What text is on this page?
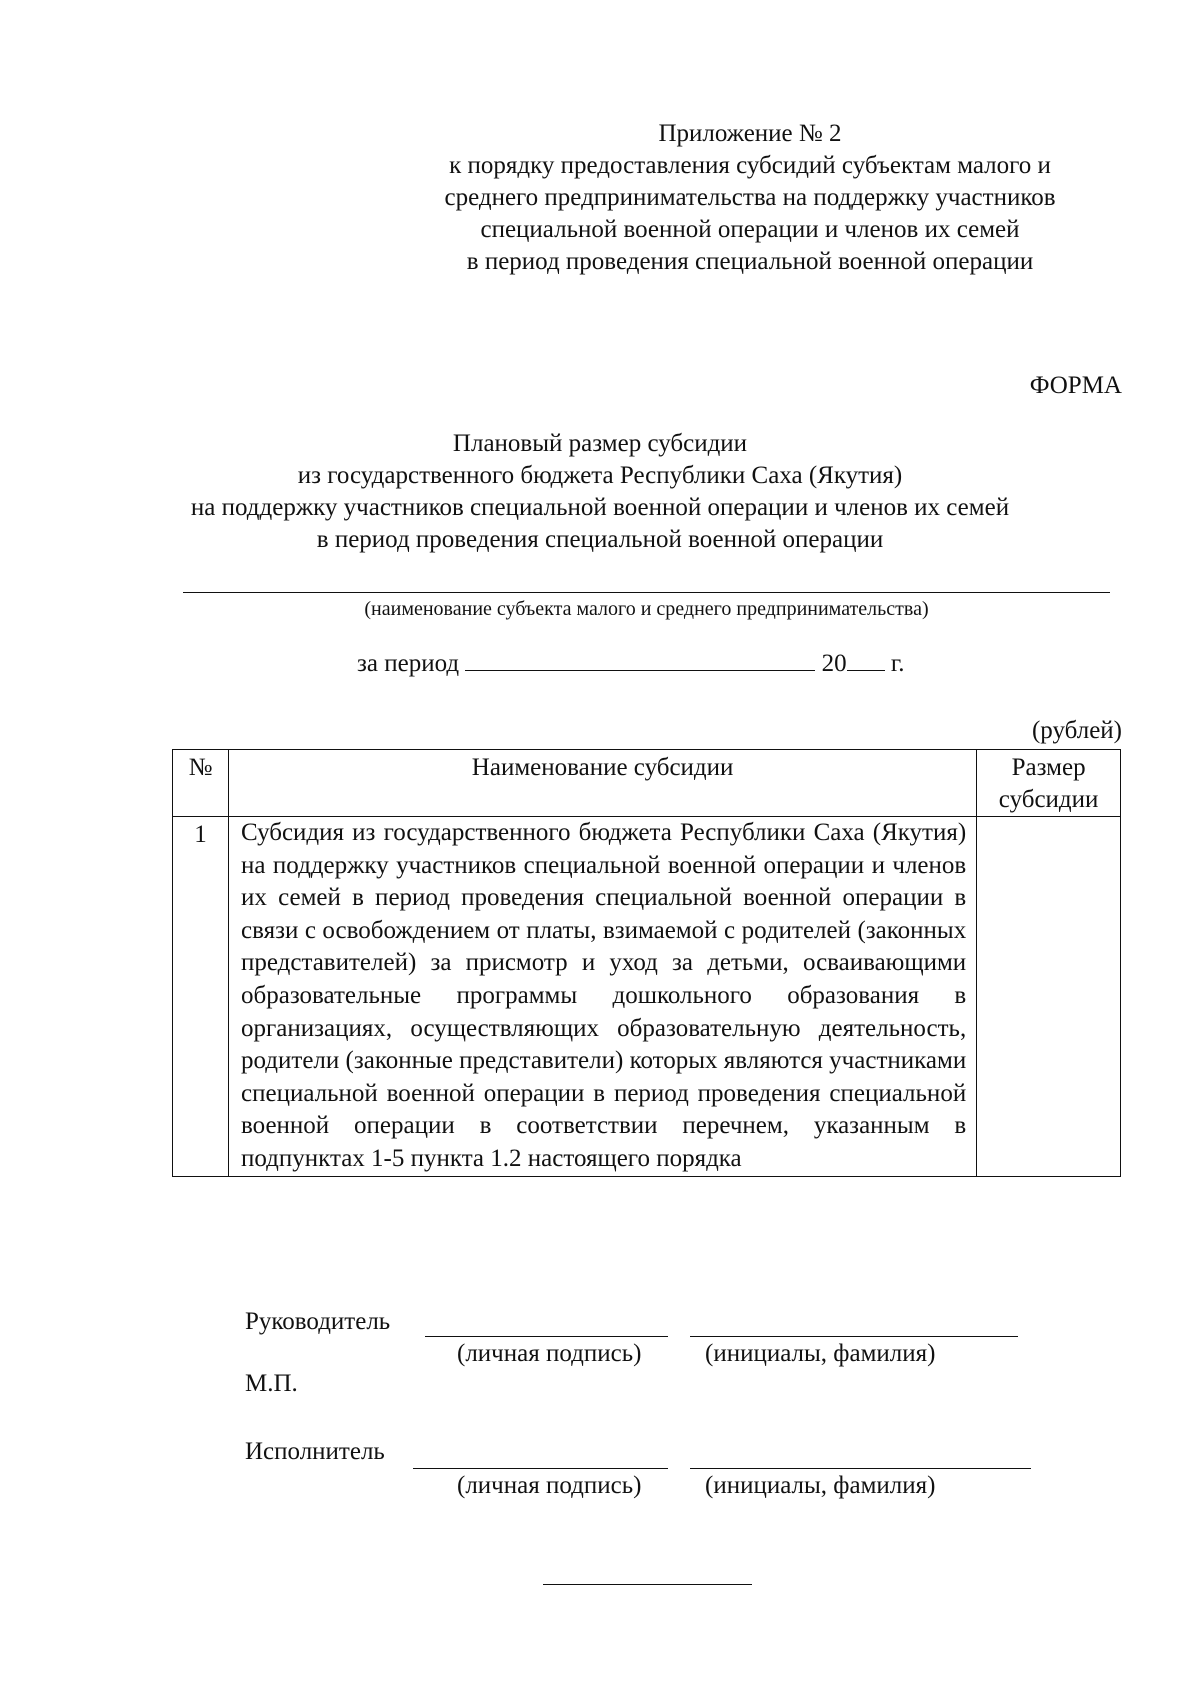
Приложение № 2
к порядку предоставления субсидий субъектам малого и
среднего предпринимательства на поддержку участников
специальной военной операции и членов их семей
в период проведения специальной военной операции
ФОРМА
Плановый размер субсидии
из государственного бюджета Республики Саха (Якутия)
на поддержку участников специальной военной операции и членов их семей
в период проведения специальной военной операции
(наименование субъекта малого и среднего предпринимательства)
за период	20 г.
(рублей)
№	Наименование субсидии	Размер
субсидии

1	Субсидия из государственного бюджета Республики Саха (Якутия) на поддержку участников специальной военной операции и членов их семей в период проведения специальной военной операции в связи с освобождением от платы, взимаемой с родителей (законных представителей) за присмотр и уход за детьми, осваивающими образовательные программы дошкольного образования в организациях, осуществляющих образовательную деятельность, родители (законные представители) которых являются участниками специальной военной операции в период проведения специальной военной операции в соответствии перечнем, указанным в подпунктах 1-5 пункта 1.2 настоящего порядка	
Руководитель
(личная подпись)	(инициалы, фамилия)
М.П.
Исполнитель
(личная подпись)	(инициалы, фамилия)
